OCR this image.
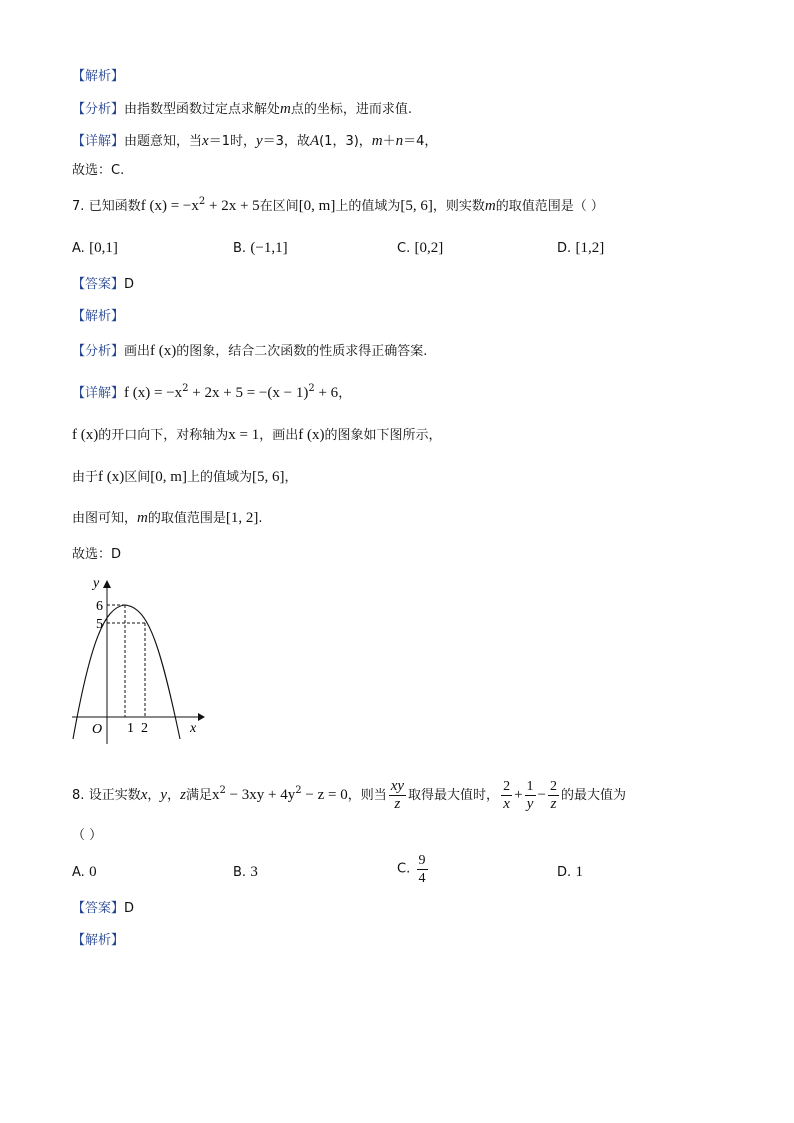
【解析】
【分析】由指数型函数过定点求解处m点的坐标，进而求值.
【详解】由题意知，当x＝1时，y＝3，故A(1，3)，m＋n＝4，
故选：C.
7. 已知函数f $(x) = -x^2 + 2x + 5$在区间[0, m]上的值域为[5, 6]，则实数m的取值范围是（ ）
A. [0,1]	B. (−1,1]	C. [0,2]	D. [1,2]
【答案】D
【解析】
【分析】画出f (x)的图象，结合二次函数的性质求得正确答案.
【详解】f $(x) = -x^2 + 2x + 5 = -(x - 1)^2 + 6$，
f (x)的开口向下，对称轴为x = 1，画出f (x)的图象如下图所示，
由于f (x)区间[0, m]上的值域为[5, 6]，
由图可知，m的取值范围是[1, 2].
故选：D
y
x
O
6
5
1 2
8. 设正实数x，y，z满足$x^2 - 3xy + 4y^2 - z = 0$，则当 $\frac{xy}{z}$ 取得最大值时， $\frac{2}{x} + \frac{1}{y} - \frac{2}{z}$ 的最大值为
（ ）
A. 0	B. 3	C. $\frac{9}{4}$	D. 1
【答案】D
【解析】
